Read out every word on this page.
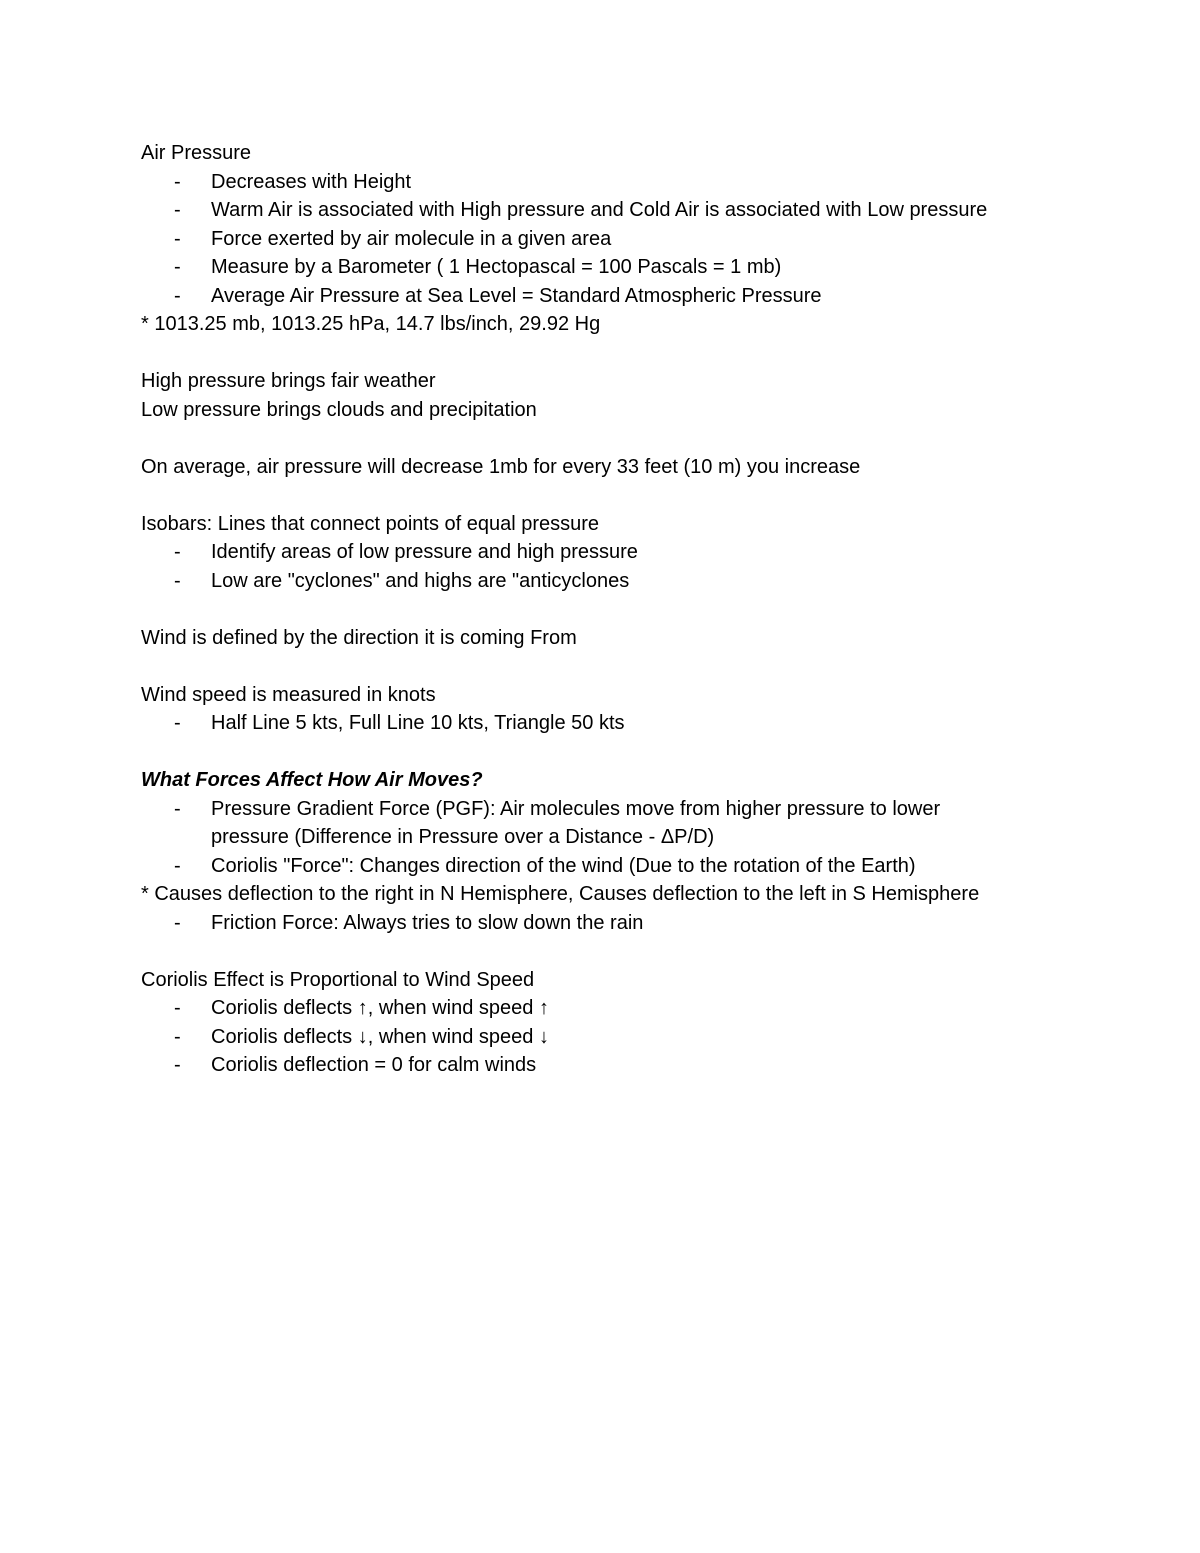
Air Pressure
- Decreases with Height
- Warm Air is associated with High pressure and Cold Air is associated with Low pressure
- Force exerted by air molecule in a given area
- Measure by a Barometer ( 1 Hectopascal = 100 Pascals = 1 mb)
- Average Air Pressure at Sea Level = Standard Atmospheric Pressure
* 1013.25 mb, 1013.25 hPa, 14.7 lbs/inch, 29.92 Hg
High pressure brings fair weather
Low pressure brings clouds and precipitation
On average, air pressure will decrease 1mb for every 33 feet (10 m) you increase
Isobars: Lines that connect points of equal pressure
- Identify areas of low pressure and high pressure
- Low are "cyclones" and highs are "anticyclones
Wind is defined by the direction it is coming From
Wind speed is measured in knots
- Half Line 5 kts, Full Line 10 kts, Triangle 50 kts
What Forces Affect How Air Moves?
- Pressure Gradient Force (PGF): Air molecules move from higher pressure to lower pressure (Difference in Pressure over a Distance - ΔP/D)
- Coriolis "Force": Changes direction of the wind (Due to the rotation of the Earth)
* Causes deflection to the right in N Hemisphere, Causes deflection to the left in S Hemisphere
- Friction Force: Always tries to slow down the rain
Coriolis Effect is Proportional to Wind Speed
- Coriolis deflects ↑, when wind speed ↑
- Coriolis deflects ↓, when wind speed ↓
- Coriolis deflection = 0 for calm winds
